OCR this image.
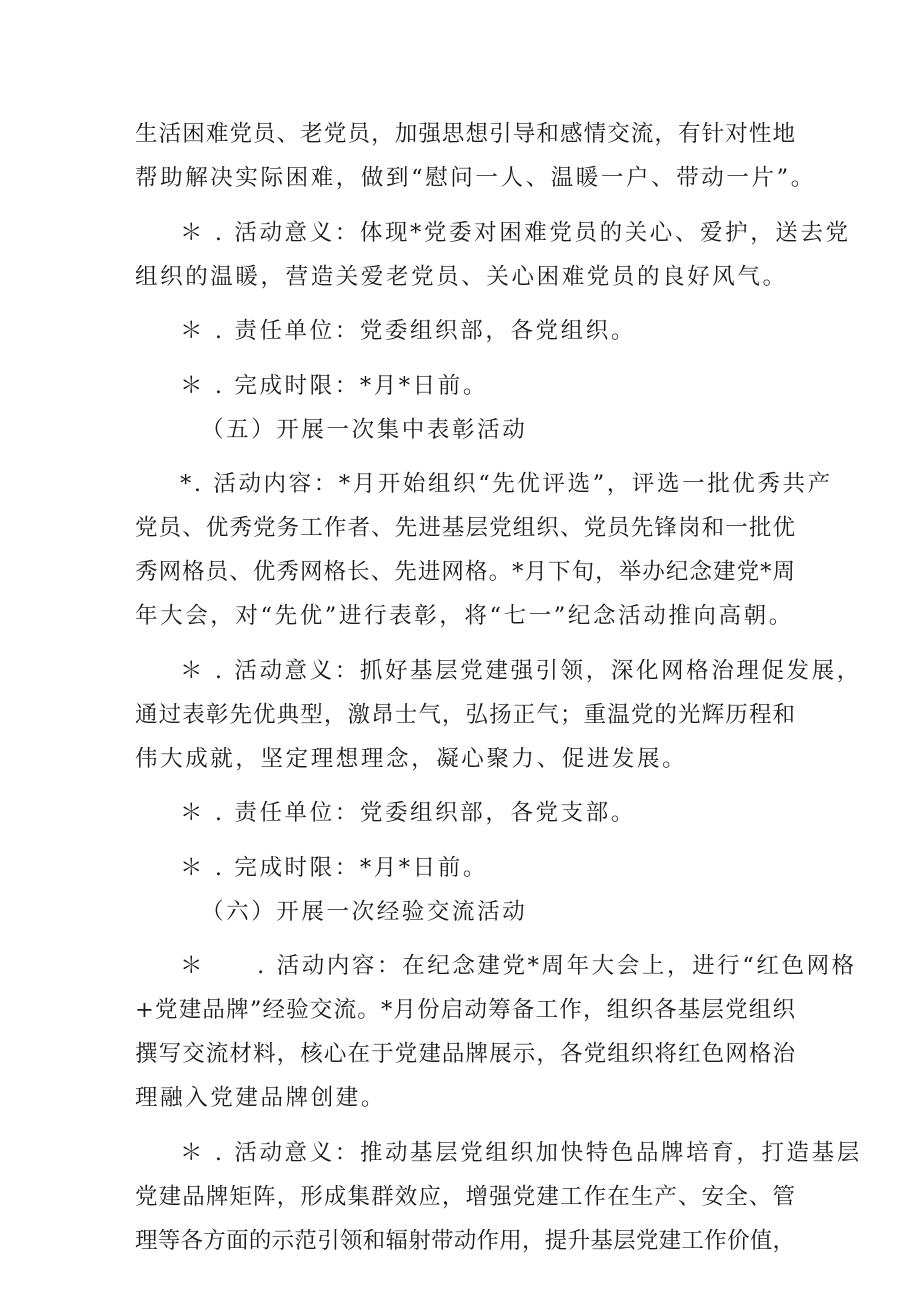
生活困难党员、老党员，加强思想引导和感情交流，有针对性地
帮助解决实际困难，做到“慰问一人、温暖一户、带动一片”。
＊ . 活动意义：体现*党委对困难党员的关心、爱护，送去党
组织的温暖，营造关爱老党员、关心困难党员的良好风气。
＊ . 责任单位：党委组织部，各党组织。
＊ . 完成时限：*月*日前。
（五）开展一次集中表彰活动
*. 活动内容：*月开始组织“先优评选”，评选一批优秀共产
党员、优秀党务工作者、先进基层党组织、党员先锋岗和一批优
秀网格员、优秀网格长、先进网格。*月下旬，举办纪念建党*周
年大会，对“先优”进行表彰，将“七一”纪念活动推向高朝。
＊ . 活动意义：抓好基层党建强引领，深化网格治理促发展，
通过表彰先优典型，激昂士气，弘扬正气；重温党的光辉历程和
伟大成就，坚定理想理念，凝心聚力、促进发展。
＊ . 责任单位：党委组织部，各党支部。
＊ . 完成时限：*月*日前。
（六）开展一次经验交流活动
＊ . 活动内容：在纪念建党*周年大会上，进行“红色网格
+党建品牌”经验交流。*月份启动筹备工作，组织各基层党组织
撰写交流材料，核心在于党建品牌展示，各党组织将红色网格治
理融入党建品牌创建。
＊ . 活动意义：推动基层党组织加快特色品牌培育，打造基层
党建品牌矩阵，形成集群效应，增强党建工作在生产、安全、管
理等各方面的示范引领和辐射带动作用，提升基层党建工作价值，
